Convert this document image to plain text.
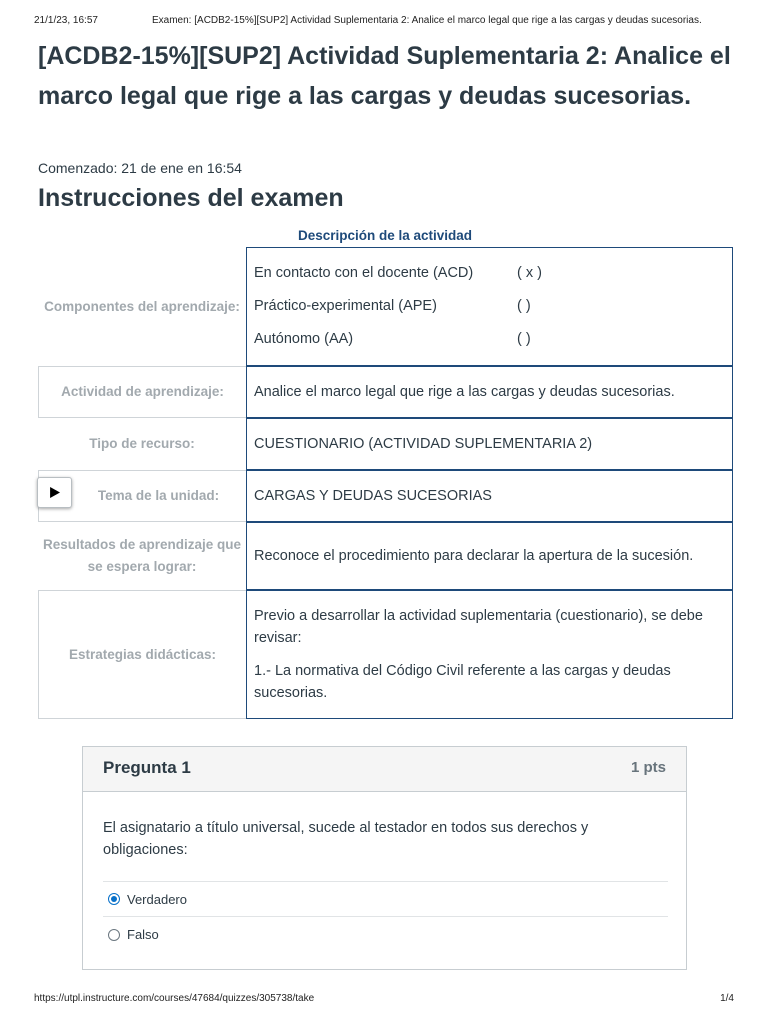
21/1/23, 16:57	Examen: [ACDB2-15%][SUP2] Actividad Suplementaria 2: Analice el marco legal que rige a las cargas y deudas sucesorias.
[ACDB2-15%][SUP2] Actividad Suplementaria 2: Analice el marco legal que rige a las cargas y deudas sucesorias.
Comenzado: 21 de ene en 16:54
Instrucciones del examen
Descripción de la actividad
Componentes del aprendizaje:
En contacto con el docente (ACD)	( x )
Práctico-experimental (APE)	( )
Autónomo (AA)	( )
Actividad de aprendizaje:	Analice el marco legal que rige a las cargas y deudas sucesorias.
Tipo de recurso:	CUESTIONARIO (ACTIVIDAD SUPLEMENTARIA 2)
Tema de la unidad:	CARGAS Y DEUDAS SUCESORIAS
Resultados de aprendizaje que se espera lograr:
Reconoce el procedimiento para declarar la apertura de la sucesión.
Estrategias didácticas:
Previo a desarrollar la actividad suplementaria (cuestionario), se debe revisar:
1.- La normativa del Código Civil referente a las cargas y deudas sucesorias.
Pregunta 1	1 pts
El asignatario a título universal, sucede al testador en todos sus derechos y obligaciones:
Verdadero
Falso
https://utpl.instructure.com/courses/47684/quizzes/305738/take	1/4
